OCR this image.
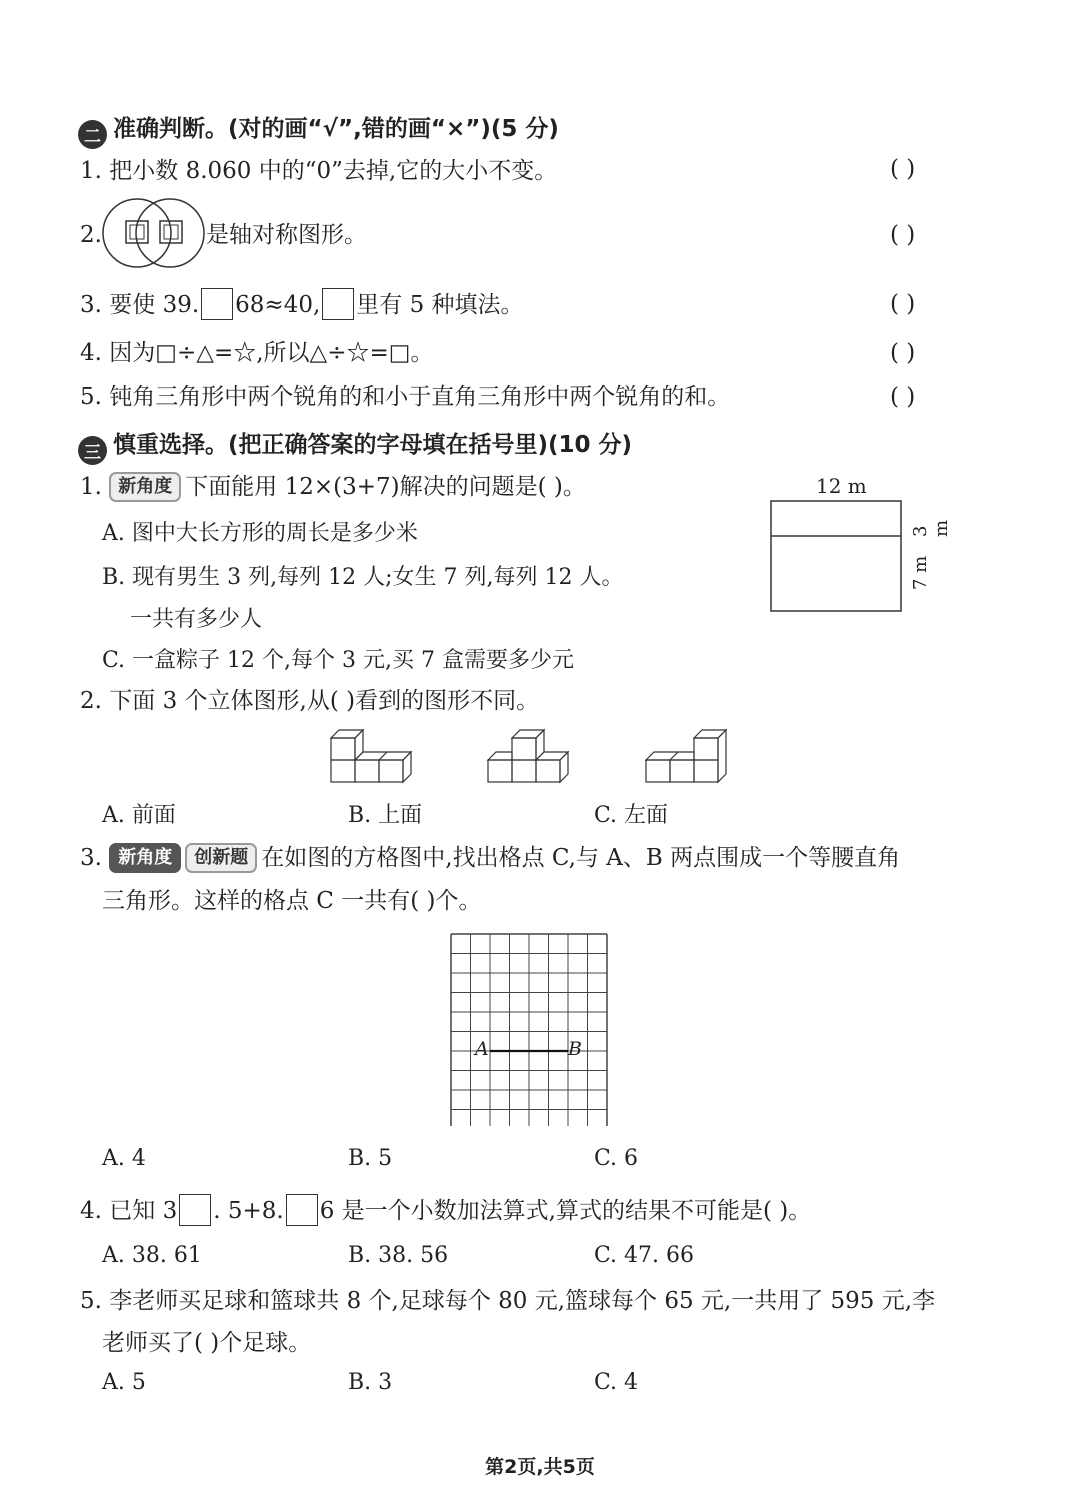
二 准确判断。(对的画“√”,错的画“×”)(5 分)
1. 把小数 8.060 中的“0”去掉,它的大小不变。	( )
2.	是轴对称图形。	( )
3. 要使 39. 68≈40, 里有 5 种填法。	( )
4. 因为□÷△=☆,所以△÷☆=□。	( )
5. 钝角三角形中两个锐角的和小于直角三角形中两个锐角的和。	( )
三 慎重选择。(把正确答案的字母填在括号里)(10 分)
1. 新角度 下面能用 12×(3+7)解决的问题是( )。
A. 图中大长方形的周长是多少米
B. 现有男生 3 列,每列 12 人;女生 7 列,每列 12 人。
一共有多少人
C. 一盒粽子 12 个,每个 3 元,买 7 盒需要多少元
12 m
3 m
7 m
2. 下面 3 个立体图形,从( )看到的图形不同。
A. 前面	B. 上面	C. 左面
3. 新角度 创新题 在如图的方格图中,找出格点 C,与 A、B 两点围成一个等腰直角
三角形。这样的格点 C 一共有( )个。
A	B
A. 4	B. 5	C. 6
4. 已知 3 . 5+8. 6 是一个小数加法算式,算式的结果不可能是( )。
A. 38. 61	B. 38. 56	C. 47. 66
5. 李老师买足球和篮球共 8 个,足球每个 80 元,篮球每个 65 元,一共用了 595 元,李
老师买了( )个足球。
A. 5	B. 3	C. 4
第2页,共5页
